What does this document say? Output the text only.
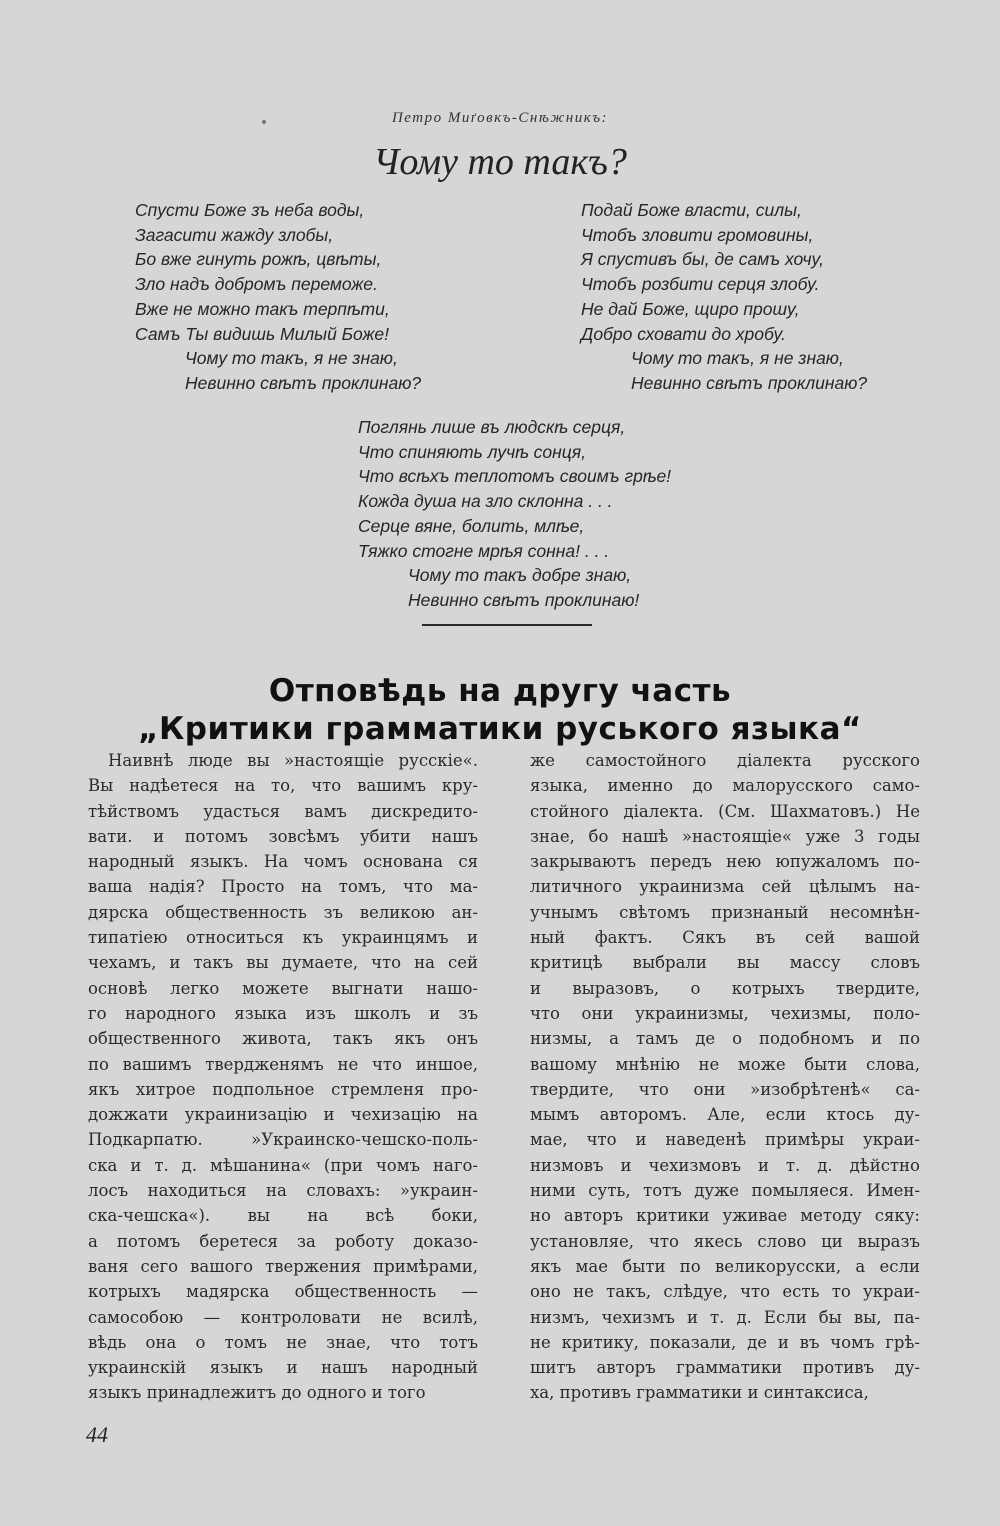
Петро Миґовкъ-Снѣжникъ:
Чому то такъ?
Спусти Боже зъ неба воды,
Загасити жажду злобы,
Бо вже гинуть рожѣ, цвѣты,
Зло надъ добромъ переможе.
Вже не можно такъ терпѣти,
Самъ Ты видишь Милый Боже!
Чому то такъ, я не знаю,
Невинно свѣтъ проклинаю?
Подай Боже власти, силы,
Чтобъ зловити громовины,
Я спустивъ бы, де самъ хочу,
Чтобъ розбити серця злобу.
Не дай Боже, щиро прошу,
Добро сховати до хробу.
Чому то такъ, я не знаю,
Невинно свѣтъ проклинаю?
Поглянь лише въ людскѣ серця,
Что спиняють лучѣ сонця,
Что всѣхъ теплотомъ своимъ грѣе!
Кожда душа на зло склонна . . .
Серце вяне, болить, млѣе,
Тяжко стогне мрѣя сонна! . . .
Чому то такъ добре знаю,
Невинно свѣтъ проклинаю!
Отповѣдь на другу часть
„Критики грамматики руського языка“
Наивнѣ люде вы »настоящіе русскіе«.
Вы надѣетеся на то, что вашимъ кру-
тѣйствомъ удасться вамъ дискредито-
вати. и потомъ зовсѣмъ убити нашъ
народный языкъ. На чомъ основана ся
ваша надія? Просто на томъ, что ма-
дярска общественность зъ великою ан-
типатіею относиться къ украинцямъ и
чехамъ, и такъ вы думаете, что на сей
основѣ легко можете выгнати нашо-
го народного языка изъ школъ и зъ
общественного живота, такъ якъ онъ
по вашимъ твердженямъ не что иншое,
якъ хитрое подпольное стремленя про-
дожжати украинизацію и чехизацію на
Подкарпатю. »Украинско-чешско-поль-
ска и т. д. мѣшанина« (при чомъ наго-
лосъ находиться на словахъ: »украин-
ска-чешска«). вы на всѣ боки,
а потомъ беретеся за роботу доказо-
ваня сего вашого твержения примѣрами,
котрыхъ мадярска общественность —
самособою — контроловати не всилѣ,
вѣдь она о томъ не знае, что тотъ
украинскій языкъ и нашъ народный
языкъ принадлежитъ до одного и того
же самостойного діалекта русского
языка, именно до малорусского само-
стойного діалекта. (См. Шахматовъ.) Не
знае, бо нашѣ »настоящіе« уже 3 годы
закрываютъ передъ нею юпужаломъ по-
литичного украинизма сей цѣлымъ на-
учнымъ свѣтомъ признаный несомнѣн-
ный фактъ. Сякъ въ сей вашой
критицѣ выбрали вы массу словъ
и выразовъ, о котрыхъ твердите,
что они украинизмы, чехизмы, поло-
низмы, а тамъ де о подобномъ и по
вашому мнѣнію не може быти слова,
твердите, что они »изобрѣтенѣ« са-
мымъ авторомъ. Але, если ктось ду-
мае, что и наведенѣ примѣры украи-
низмовъ и чехизмовъ и т. д. дѣйстно
ними суть, тотъ дуже помыляеся. Имен-
но авторъ критики уживае методу сяку:
установляе, что якесь слово ци выразъ
якъ мае быти по великорусски, а если
оно не такъ, слѣдуе, что есть то украи-
низмъ, чехизмъ и т. д. Если бы вы, па-
не критику, показали, де и въ чомъ грѣ-
шитъ авторъ грамматики противъ ду-
ха, противъ грамматики и синтаксиса,
44
